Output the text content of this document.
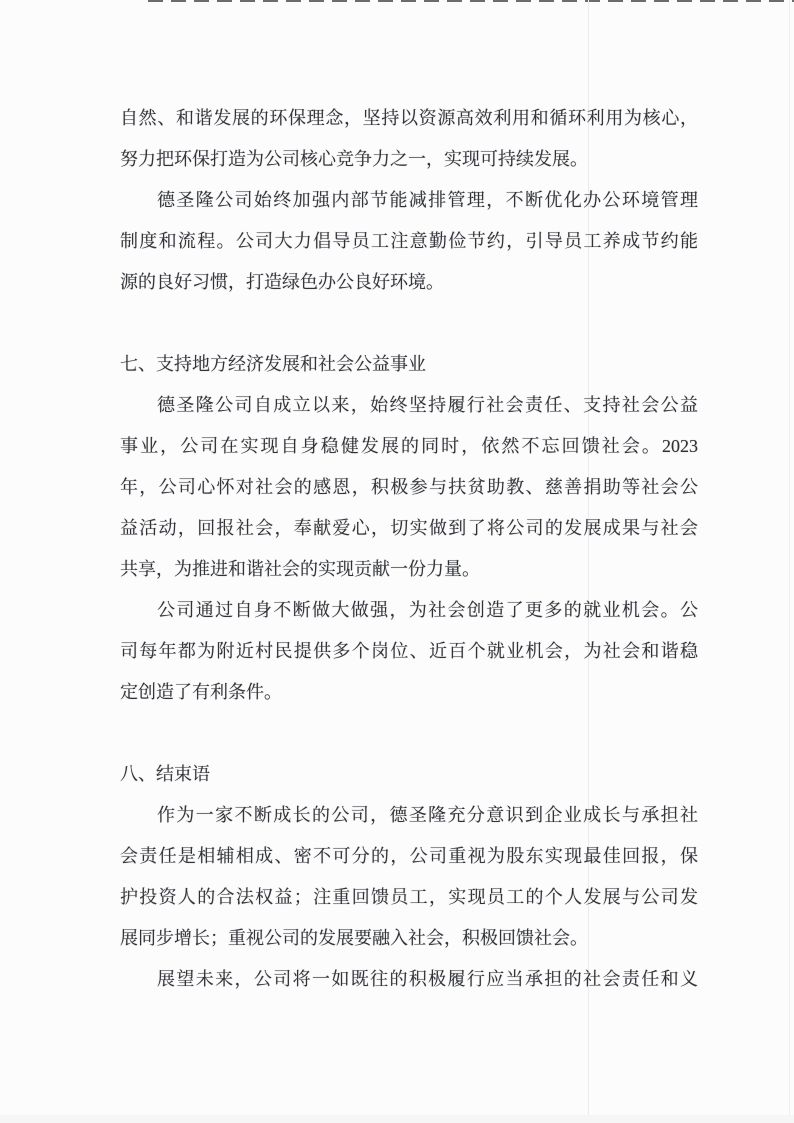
自然、和谐发展的环保理念，坚持以资源高效利用和循环利用为核心，
努力把环保打造为公司核心竞争力之一，实现可持续发展。
德圣隆公司始终加强内部节能减排管理，不断优化办公环境管理
制度和流程。公司大力倡导员工注意勤俭节约，引导员工养成节约能
源的良好习惯，打造绿色办公良好环境。
七、支持地方经济发展和社会公益事业
德圣隆公司自成立以来，始终坚持履行社会责任、支持社会公益
事业，公司在实现自身稳健发展的同时，依然不忘回馈社会。2023
年，公司心怀对社会的感恩，积极参与扶贫助教、慈善捐助等社会公
益活动，回报社会，奉献爱心，切实做到了将公司的发展成果与社会
共享，为推进和谐社会的实现贡献一份力量。
公司通过自身不断做大做强，为社会创造了更多的就业机会。公
司每年都为附近村民提供多个岗位、近百个就业机会，为社会和谐稳
定创造了有利条件。
八、结束语
作为一家不断成长的公司，德圣隆充分意识到企业成长与承担社
会责任是相辅相成、密不可分的，公司重视为股东实现最佳回报，保
护投资人的合法权益；注重回馈员工，实现员工的个人发展与公司发
展同步增长；重视公司的发展要融入社会，积极回馈社会。
展望未来，公司将一如既往的积极履行应当承担的社会责任和义
